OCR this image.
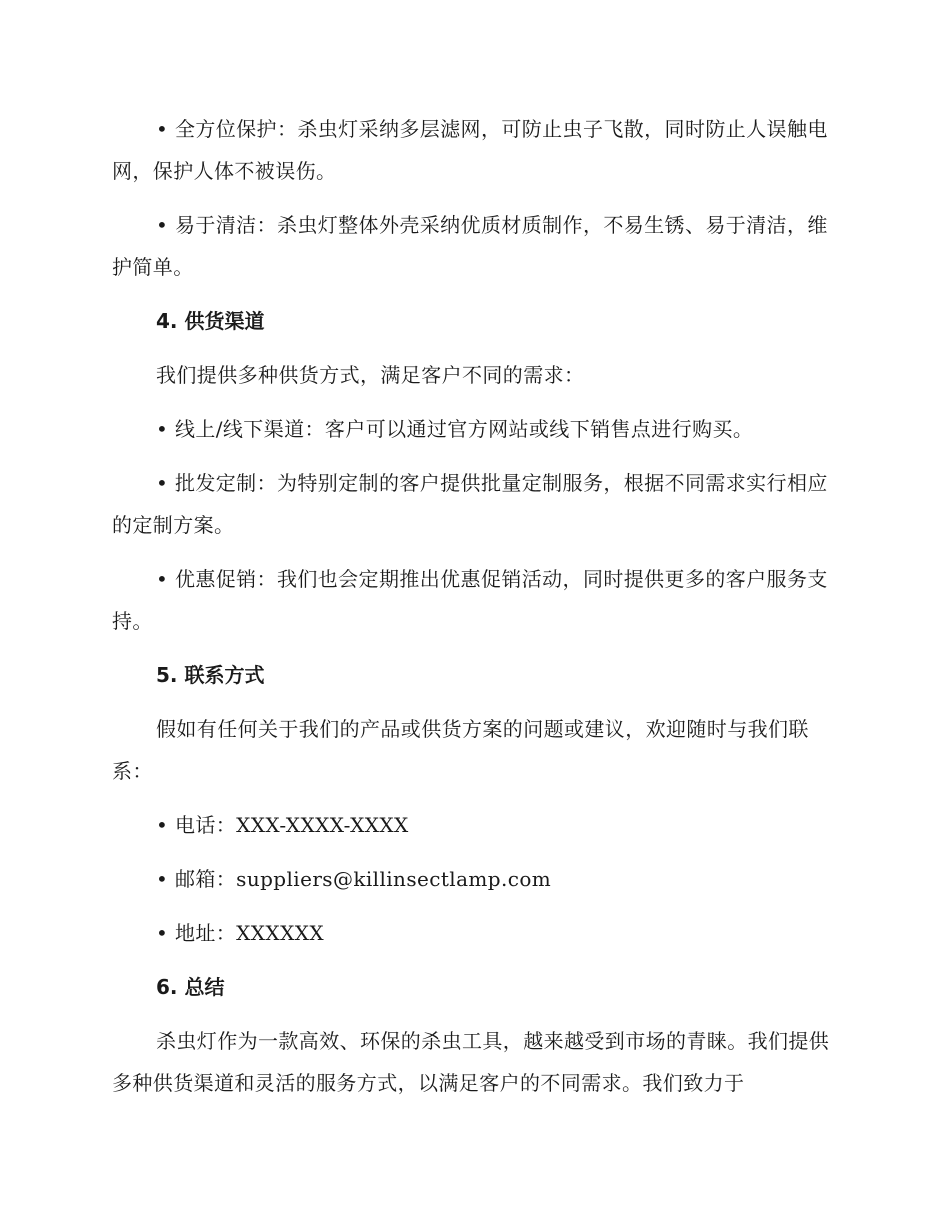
• 全方位保护：杀虫灯采纳多层滤网，可防止虫子飞散，同时防止人误触电网，保护人体不被误伤。

• 易于清洁：杀虫灯整体外壳采纳优质材质制作，不易生锈、易于清洁，维护简单。

4. 供货渠道

我们提供多种供货方式，满足客户不同的需求：

• 线上/线下渠道：客户可以通过官方网站或线下销售点进行购买。

• 批发定制：为特别定制的客户提供批量定制服务，根据不同需求实行相应的定制方案。

• 优惠促销：我们也会定期推出优惠促销活动，同时提供更多的客户服务支持。

5. 联系方式

假如有任何关于我们的产品或供货方案的问题或建议，欢迎随时与我们联系：

• 电话：XXX-XXXX-XXXX

• 邮箱：suppliers@killinsectlamp.com

• 地址：XXXXXX

6. 总结

杀虫灯作为一款高效、环保的杀虫工具，越来越受到市场的青睐。我们提供多种供货渠道和灵活的服务方式，以满足客户的不同需求。我们致力于
